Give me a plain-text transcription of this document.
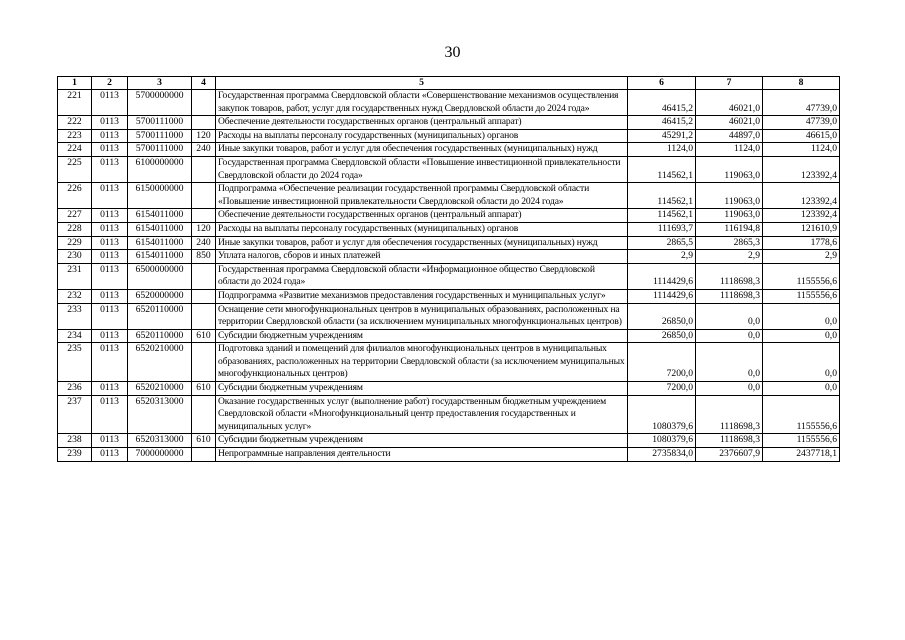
30
1	2	3	4	5	6	7	8
221	0113	5700000000		Государственная программа Свердловской области «Совершенствование механизмов осуществления закупок товаров, работ, услуг для государственных нужд Свердловской области до 2024 года»	46415,2	46021,0	47739,0
222	0113	5700111000		Обеспечение деятельности государственных органов (центральный аппарат)	46415,2	46021,0	47739,0
223	0113	5700111000	120	Расходы на выплаты персоналу государственных (муниципальных) органов	45291,2	44897,0	46615,0
224	0113	5700111000	240	Иные закупки товаров, работ и услуг для обеспечения государственных (муниципальных) нужд	1124,0	1124,0	1124,0
225	0113	6100000000		Государственная программа Свердловской области «Повышение инвестиционной привлекательности Свердловской области до 2024 года»	114562,1	119063,0	123392,4
226	0113	6150000000		Подпрограмма «Обеспечение реализации государственной программы Свердловской области «Повышение инвестиционной привлекательности Свердловской области до 2024 года»	114562,1	119063,0	123392,4
227	0113	6154011000		Обеспечение деятельности государственных органов (центральный аппарат)	114562,1	119063,0	123392,4
228	0113	6154011000	120	Расходы на выплаты персоналу государственных (муниципальных) органов	111693,7	116194,8	121610,9
229	0113	6154011000	240	Иные закупки товаров, работ и услуг для обеспечения государственных (муниципальных) нужд	2865,5	2865,3	1778,6
230	0113	6154011000	850	Уплата налогов, сборов и иных платежей	2,9	2,9	2,9
231	0113	6500000000		Государственная программа Свердловской области «Информационное общество Свердловской области до 2024 года»	1114429,6	1118698,3	1155556,6
232	0113	6520000000		Подпрограмма «Развитие механизмов предоставления государственных и муниципальных услуг»	1114429,6	1118698,3	1155556,6
233	0113	6520110000		Оснащение сети многофункциональных центров в муниципальных образованиях, расположенных на территории Свердловской области (за исключением муниципальных многофункциональных центров)	26850,0	0,0	0,0
234	0113	6520110000	610	Субсидии бюджетным учреждениям	26850,0	0,0	0,0
235	0113	6520210000		Подготовка зданий и помещений для филиалов многофункциональных центров в муниципальных образованиях, расположенных на территории Свердловской области (за исключением муниципальных многофункциональных центров)	7200,0	0,0	0,0
236	0113	6520210000	610	Субсидии бюджетным учреждениям	7200,0	0,0	0,0
237	0113	6520313000		Оказание государственных услуг (выполнение работ) государственным бюджетным учреждением Свердловской области «Многофункциональный центр предоставления государственных и муниципальных услуг»	1080379,6	1118698,3	1155556,6
238	0113	6520313000	610	Субсидии бюджетным учреждениям	1080379,6	1118698,3	1155556,6
239	0113	7000000000		Непрограммные направления деятельности	2735834,0	2376607,9	2437718,1
